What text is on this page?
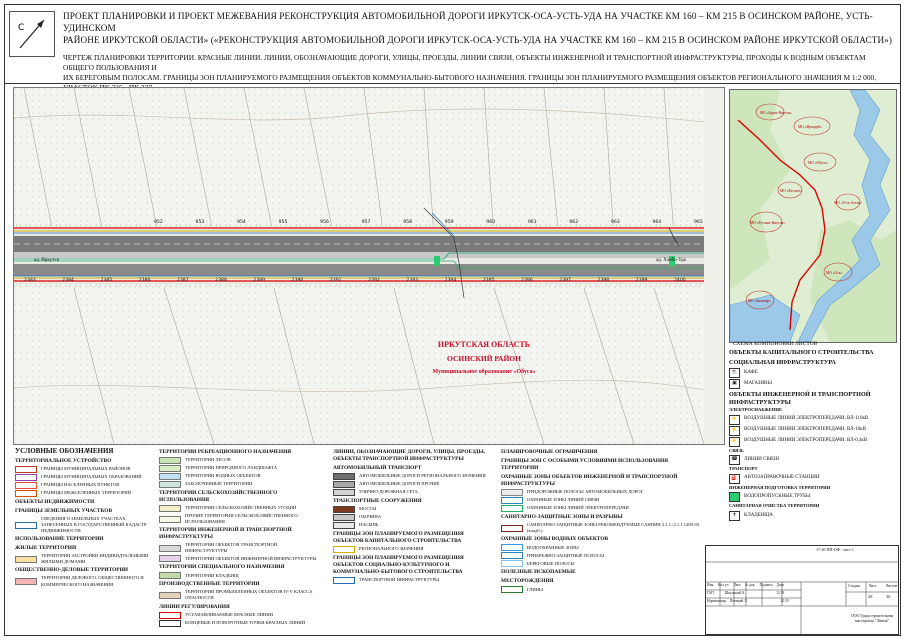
С
ПРОЕКТ ПЛАНИРОВКИ И ПРОЕКТ МЕЖЕВАНИЯ РЕКОНСТРУКЦИЯ АВТОМОБИЛЬНОЙ ДОРОГИ ИРКУТСК-ОСА-УСТЬ-УДА НА УЧАСТКЕ КМ 160 – КМ 215 В ОСИНСКОМ РАЙОНЕ, УСТЬ-УДИНСКОМ
РАЙОНЕ ИРКУТСКОЙ ОБЛАСТИ» («РЕКОНСТРУКЦИЯ АВТОМОБИЛЬНОЙ ДОРОГИ ИРКУТСК-ОСА-УСТЬ-УДА НА УЧАСТКЕ КМ 160 – КМ 215 В ОСИНСКОМ РАЙОНЕ ИРКУТСКОЙ ОБЛАСТИ»)
ЧЕРТЕЖ ПЛАНИРОВКИ ТЕРРИТОРИИ. КРАСНЫЕ ЛИНИИ. ЛИНИИ, ОБОЗНАЧАЮЩИЕ ДОРОГИ, УЛИЦЫ, ПРОЕЗДЫ, ЛИНИИ СВЯЗИ, ОБЪЕКТЫ ИНЖЕНЕРНОЙ И ТРАНСПОРТНОЙ ИНФРАСТРУКТУРЫ, ПРОХОДЫ К ВОДНЫМ ОБЪЕКТАМ ОБЩЕГО ПОЛЬЗОВАНИЯ И
ИХ БЕРЕГОВЫМ ПОЛОСАМ. ГРАНИЦЫ ЗОН ПЛАНИРУЕМОГО РАЗМЕЩЕНИЯ ОБЪЕКТОВ КОММУНАЛЬНО-БЫТОВОГО НАЗНАЧЕНИЯ. ГРАНИЦЫ ЗОН ПЛАНИРУЕМОГО РАЗМЕЩЕНИЯ ОБЪЕКТОВ РЕГИОНАЛЬНОГО ЗНАЧЕНИЯ М 1:2 000,
952	953	954	955	956	957	958	959	960	961	962	963	964	965
2383	2384	2385	2386	2387	2388	2389	2390	2391	2392	2393	2394	2395	2396	2397	2398	2399	2400
ад. Иркутск	ад. Хлебо-Уда
ИРКУТСКАЯ ОБЛАСТЬ
ОСИНСКИЙ РАЙОН
Муниципальное образование «Обуса»
МО «Бурят-Янгуты»
МО «Ирхидей»
МО «Обуса»
МО «Русские Янгуты»
МО «Оса»
МО «Бильчир»
МО «Усть-Алтан»
МО «Рассвет»
СХЕМА КОМПОНОВКИ ЛИСТОВ
ОБЪЕКТЫ КАПИТАЛЬНОГО СТРОИТЕЛЬСТВА
СОЦИАЛЬНАЯ ИНФРАСТРУКТУРА
☕	КАФЕ
▣	МАГАЗИНЫ
ОБЪЕКТЫ ИНЖЕНЕРНОЙ И ТРАНСПОРТНОЙ ИНФРАСТРУКТУРЫ
ЭЛЕКТРОСНАБЖЕНИЕ
⚡	ВОЗДУШНЫЕ ЛИНИИ ЭЛЕКТРОПЕРЕДАЧИ, ВЛ-110кВ
⚡	ВОЗДУШНЫЕ ЛИНИИ ЭЛЕКТРОПЕРЕДАЧИ, ВЛ-10кВ
⚡	ВОЗДУШНЫЕ ЛИНИИ ЭЛЕКТРОПЕРЕДАЧИ, ВЛ-0,4кВ
СВЯЗЬ
☎	ЛИНИИ СВЯЗИ
ТРАНСПОРТ
⛽	АВТОЗАПРАВОЧНЫЕ СТАНЦИИ
ИНЖЕНЕРНАЯ ПОДГОТОВКА ТЕРРИТОРИИ
ВОДОПРОПУСКНЫЕ ТРУБЫ
САНИТАРНАЯ ОЧИСТКА ТЕРРИТОРИИ
✝	КЛАДБИЩА
УСЛОВНЫЕ ОБОЗНАЧЕНИЯ
ТЕРРИТОРИАЛЬНОЕ УСТРОЙСТВО
ГРАНИЦЫ МУНИЦИПАЛЬНЫХ РАЙОНОВ
ГРАНИЦЫ МУНИЦИПАЛЬНЫХ ОБРАЗОВАНИЙ
ГРАНИЦЫ НАСЕЛЕННЫХ ПУНКТОВ
ГРАНИЦЫ МЕЖСЕЛЕННЫХ ТЕРРИТОРИЙ
ОБЪЕКТЫ НЕДВИЖИМОСТИ
ГРАНИЦЫ ЗЕМЕЛЬНЫХ УЧАСТКОВ
СВЕДЕНИЯ О ЗЕМЕЛЬНЫХ УЧАСТКАХ, ЗАНЕСЕННЫХ В ГОСУДАРСТВЕННЫЙ КАДАСТР НЕДВИЖИМОСТИ
ИСПОЛЬЗОВАНИЕ ТЕРРИТОРИИ
ЖИЛЫЕ ТЕРРИТОРИИ
ТЕРРИТОРИИ ЗАСТРОЙКИ ИНДИВИДУАЛЬНЫМИ ЖИЛЫМИ ДОМАМИ
ОБЩЕСТВЕННО-ДЕЛОВЫЕ ТЕРРИТОРИИ
ТЕРРИТОРИИ ДЕЛОВОГО, ОБЩЕСТВЕННОГО И КОММЕРЧЕСКОГО НАЗНАЧЕНИЯ
ТЕРРИТОРИИ РЕКРЕАЦИОННОГО НАЗНАЧЕНИЯ
ТЕРРИТОРИИ ЛЕСОВ
ТЕРРИТОРИИ ПРИРОДНОГО ЛАНДШАФТА
ТЕРРИТОРИИ ВОДНЫХ ОБЪЕКТОВ
ЗАБОЛОЧЕННЫЕ ТЕРРИТОРИИ
ТЕРРИТОРИИ СЕЛЬСКОХОЗЯЙСТВЕННОГО ИСПОЛЬЗОВАНИЯ
ТЕРРИТОРИИ СЕЛЬСКОХОЗЯЙСТВЕННЫХ УГОДИЙ
ПРОЧИЕ ТЕРРИТОРИИ СЕЛЬСКОХОЗЯЙСТВЕННОГО ИСПОЛЬЗОВАНИЯ
ТЕРРИТОРИИ ИНЖЕНЕРНОЙ И ТРАНСПОРТНОЙ ИНФРАСТРУКТУРЫ
ТЕРРИТОРИИ ОБЪЕКТОВ ТРАНСПОРТНОЙ ИНФРАСТРУКТУРЫ
ТЕРРИТОРИИ ОБЪЕКТОВ ИНЖЕНЕРНОЙ ИНФРАСТРУКТУРЫ
ТЕРРИТОРИИ СПЕЦИАЛЬНОГО НАЗНАЧЕНИЯ
ТЕРРИТОРИИ КЛАДБИЩ
ПРОИЗВОДСТВЕННЫЕ ТЕРРИТОРИИ
ТЕРРИТОРИИ ПРОМЫШЛЕННЫХ ОБЪЕКТОВ IV-V КЛАССА ОПАСНОСТИ
ЛИНИИ РЕГУЛИРОВАНИЯ
УСТАНАВЛИВАЕМЫЕ КРАСНЫЕ ЛИНИИ
КОНЦЕВЫЕ И ПОВОРОТНЫЕ ТОЧКИ КРАСНЫХ ЛИНИЙ
ЛИНИИ, ОБОЗНАЧАЮЩИЕ ДОРОГИ, УЛИЦЫ, ПРОЕЗДЫ, ОБЪЕКТЫ ТРАНСПОРТНОЙ ИНФРАСТРУКТУРЫ
АВТОМОБИЛЬНЫЙ ТРАНСПОРТ
АВТОМОБИЛЬНЫЕ ДОРОГИ РЕГИОНАЛЬНОГО ЗНАЧЕНИЯ
АВТОМОБИЛЬНЫЕ ДОРОГИ ПРОЧИЕ
УЛИЧНО-ДОРОЖНАЯ СЕТЬ
ТРАНСПОРТНЫЕ СООРУЖЕНИЯ
МОСТЫ
ОБОЧИНА
НАСЫПЬ
ГРАНИЦЫ ЗОН ПЛАНИРУЕМОГО РАЗМЕЩЕНИЯ ОБЪЕКТОВ КАПИТАЛЬНОГО СТРОИТЕЛЬСТВА
РЕГИОНАЛЬНОГО ЗНАЧЕНИЯ
ГРАНИЦЫ ЗОН ПЛАНИРУЕМОГО РАЗМЕЩЕНИЯ ОБЪЕКТОВ СОЦИАЛЬНО-КУЛЬТУРНОГО И КОММУНАЛЬНО-БЫТОВОГО СТРОИТЕЛЬСТВА
ТРАНСПОРТНОЙ ИНФРАСТРУКТУРЫ
ПЛАНИРОВОЧНЫЕ ОГРАНИЧЕНИЯ
ГРАНИЦЫ ЗОН С ОСОБЫМИ УСЛОВИЯМИ ИСПОЛЬЗОВАНИЯ ТЕРРИТОРИИ
ОХРАННЫЕ ЗОНЫ ОБЪЕКТОВ ИНЖЕНЕРНОЙ И ТРАНСПОРТНОЙ ИНФРАСТРУКТУРЫ
ПРИДОРОЖНЫЕ ПОЛОСЫ АВТОМОБИЛЬНЫХ ДОРОГ
ОХРАННЫЕ ЗОНЫ ЛИНИЙ СВЯЗИ
ОХРАННЫЕ ЗОНЫ ЛИНИЙ ЭЛЕКТРОПЕРЕДАЧИ
САНИТАРНО-ЗАЩИТНЫЕ ЗОНЫ И РАЗРЫВЫ
САНИТАРНО-ЗАЩИТНЫЕ ЗОНЫ РЕКОМЕНДУЕМЫЕ САНПИН 2.2.1./2.1.1.1200-03 (кладб.)
ОХРАННЫЕ ЗОНЫ ВОДНЫХ ОБЪЕКТОВ
ВОДООХРАННЫЕ ЗОНЫ
ПРИБРЕЖНО-ЗАЩИТНЫЕ ПОЛОСЫ
БЕРЕГОВЫЕ ПОЛОСЫ
ПОЛЕЗНЫЕ ИСКОПАЕМЫЕ
МЕСТОРОЖДЕНИЯ
ГЛИНЫ
17-20-ПП-ОФ - лист 1
Изм. Кол.уч. Лист № док. Подпись Дата
ГАП	Шкулький А.	12.19
Нормоконтр. Потиций Л.	12.19
Стадия Лист Листов
28	36
ООО Градостроительная мастерская "Линия"
